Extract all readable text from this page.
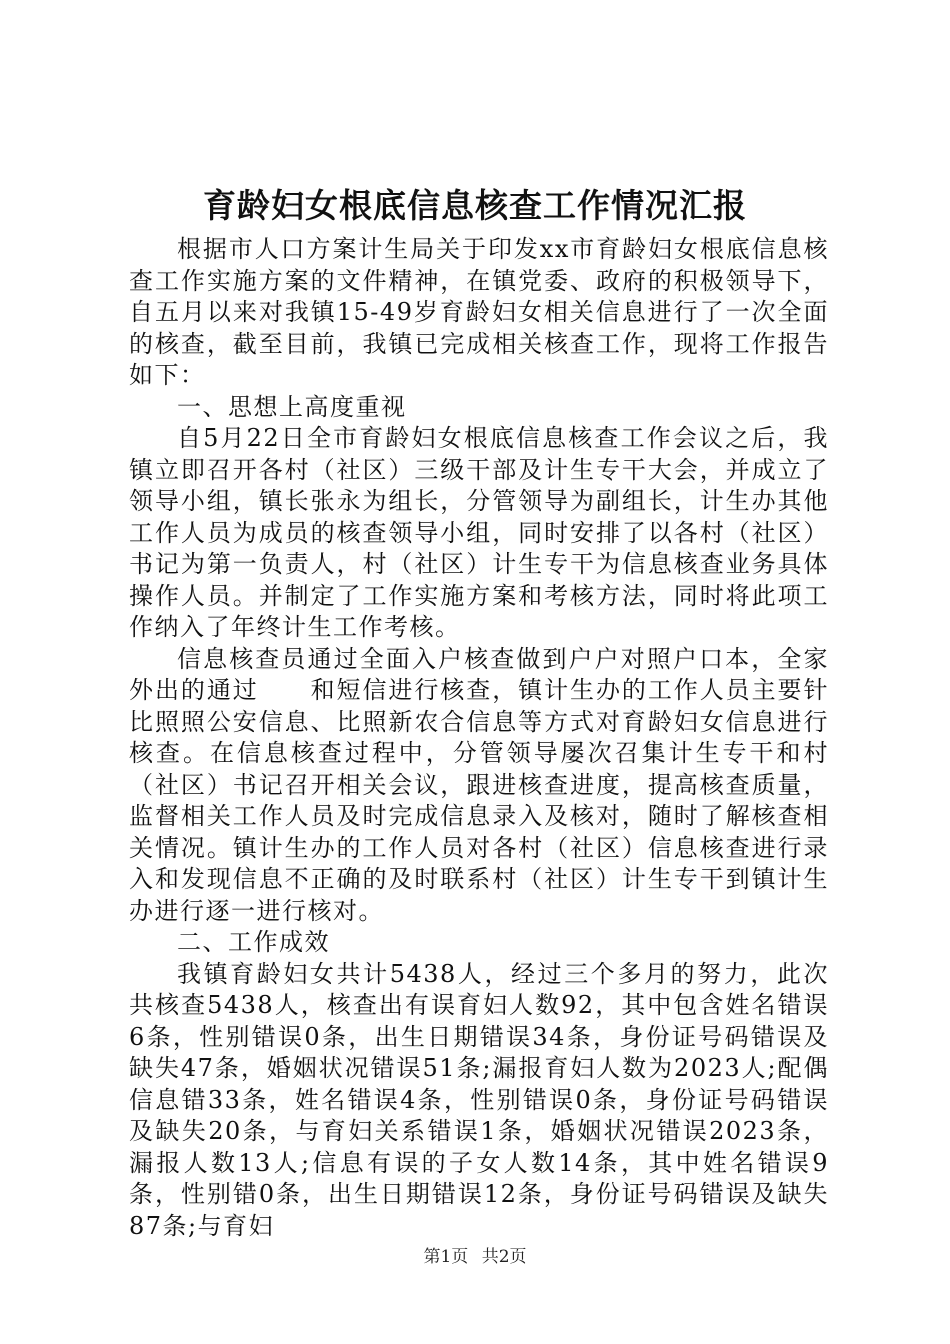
育龄妇女根底信息核查工作情况汇报

根据市人口方案计生局关于印发xx市育龄妇女根底信息核查工作实施方案的文件精神，在镇党委、政府的积极领导下，自五月以来对我镇15-49岁育龄妇女相关信息进行了一次全面的核查，截至目前，我镇已完成相关核查工作，现将工作报告如下：

一、思想上高度重视

自5月22日全市育龄妇女根底信息核查工作会议之后，我镇立即召开各村（社区）三级干部及计生专干大会，并成立了领导小组，镇长张永为组长，分管领导为副组长，计生办其他工作人员为成员的核查领导小组，同时安排了以各村（社区）书记为第一负责人，村（社区）计生专干为信息核查业务具体操作人员。并制定了工作实施方案和考核方法，同时将此项工作纳入了年终计生工作考核。

信息核查员通过全面入户核查做到户户对照户口本，全家外出的通过　　和短信进行核查，镇计生办的工作人员主要针比照照公安信息、比照新农合信息等方式对育龄妇女信息进行核查。在信息核查过程中，分管领导屡次召集计生专干和村（社区）书记召开相关会议，跟进核查进度，提高核查质量，监督相关工作人员及时完成信息录入及核对，随时了解核查相关情况。镇计生办的工作人员对各村（社区）信息核查进行录入和发现信息不正确的及时联系村（社区）计生专干到镇计生办进行逐一进行核对。

二、工作成效

我镇育龄妇女共计5438人，经过三个多月的努力，此次共核查5438人，核查出有误育妇人数92，其中包含姓名错误6条，性别错误0条，出生日期错误34条，身份证号码错误及缺失47条，婚姻状况错误51条;漏报育妇人数为2023人;配偶信息错33条，姓名错误4条，性别错误0条，身份证号码错误及缺失20条，与育妇关系错误1条，婚姻状况错误2023条，漏报人数13人;信息有误的子女人数14条，其中姓名错误9条，性别错0条，出生日期错误12条，身份证号码错误及缺失87条;与育妇

第1页 共2页
